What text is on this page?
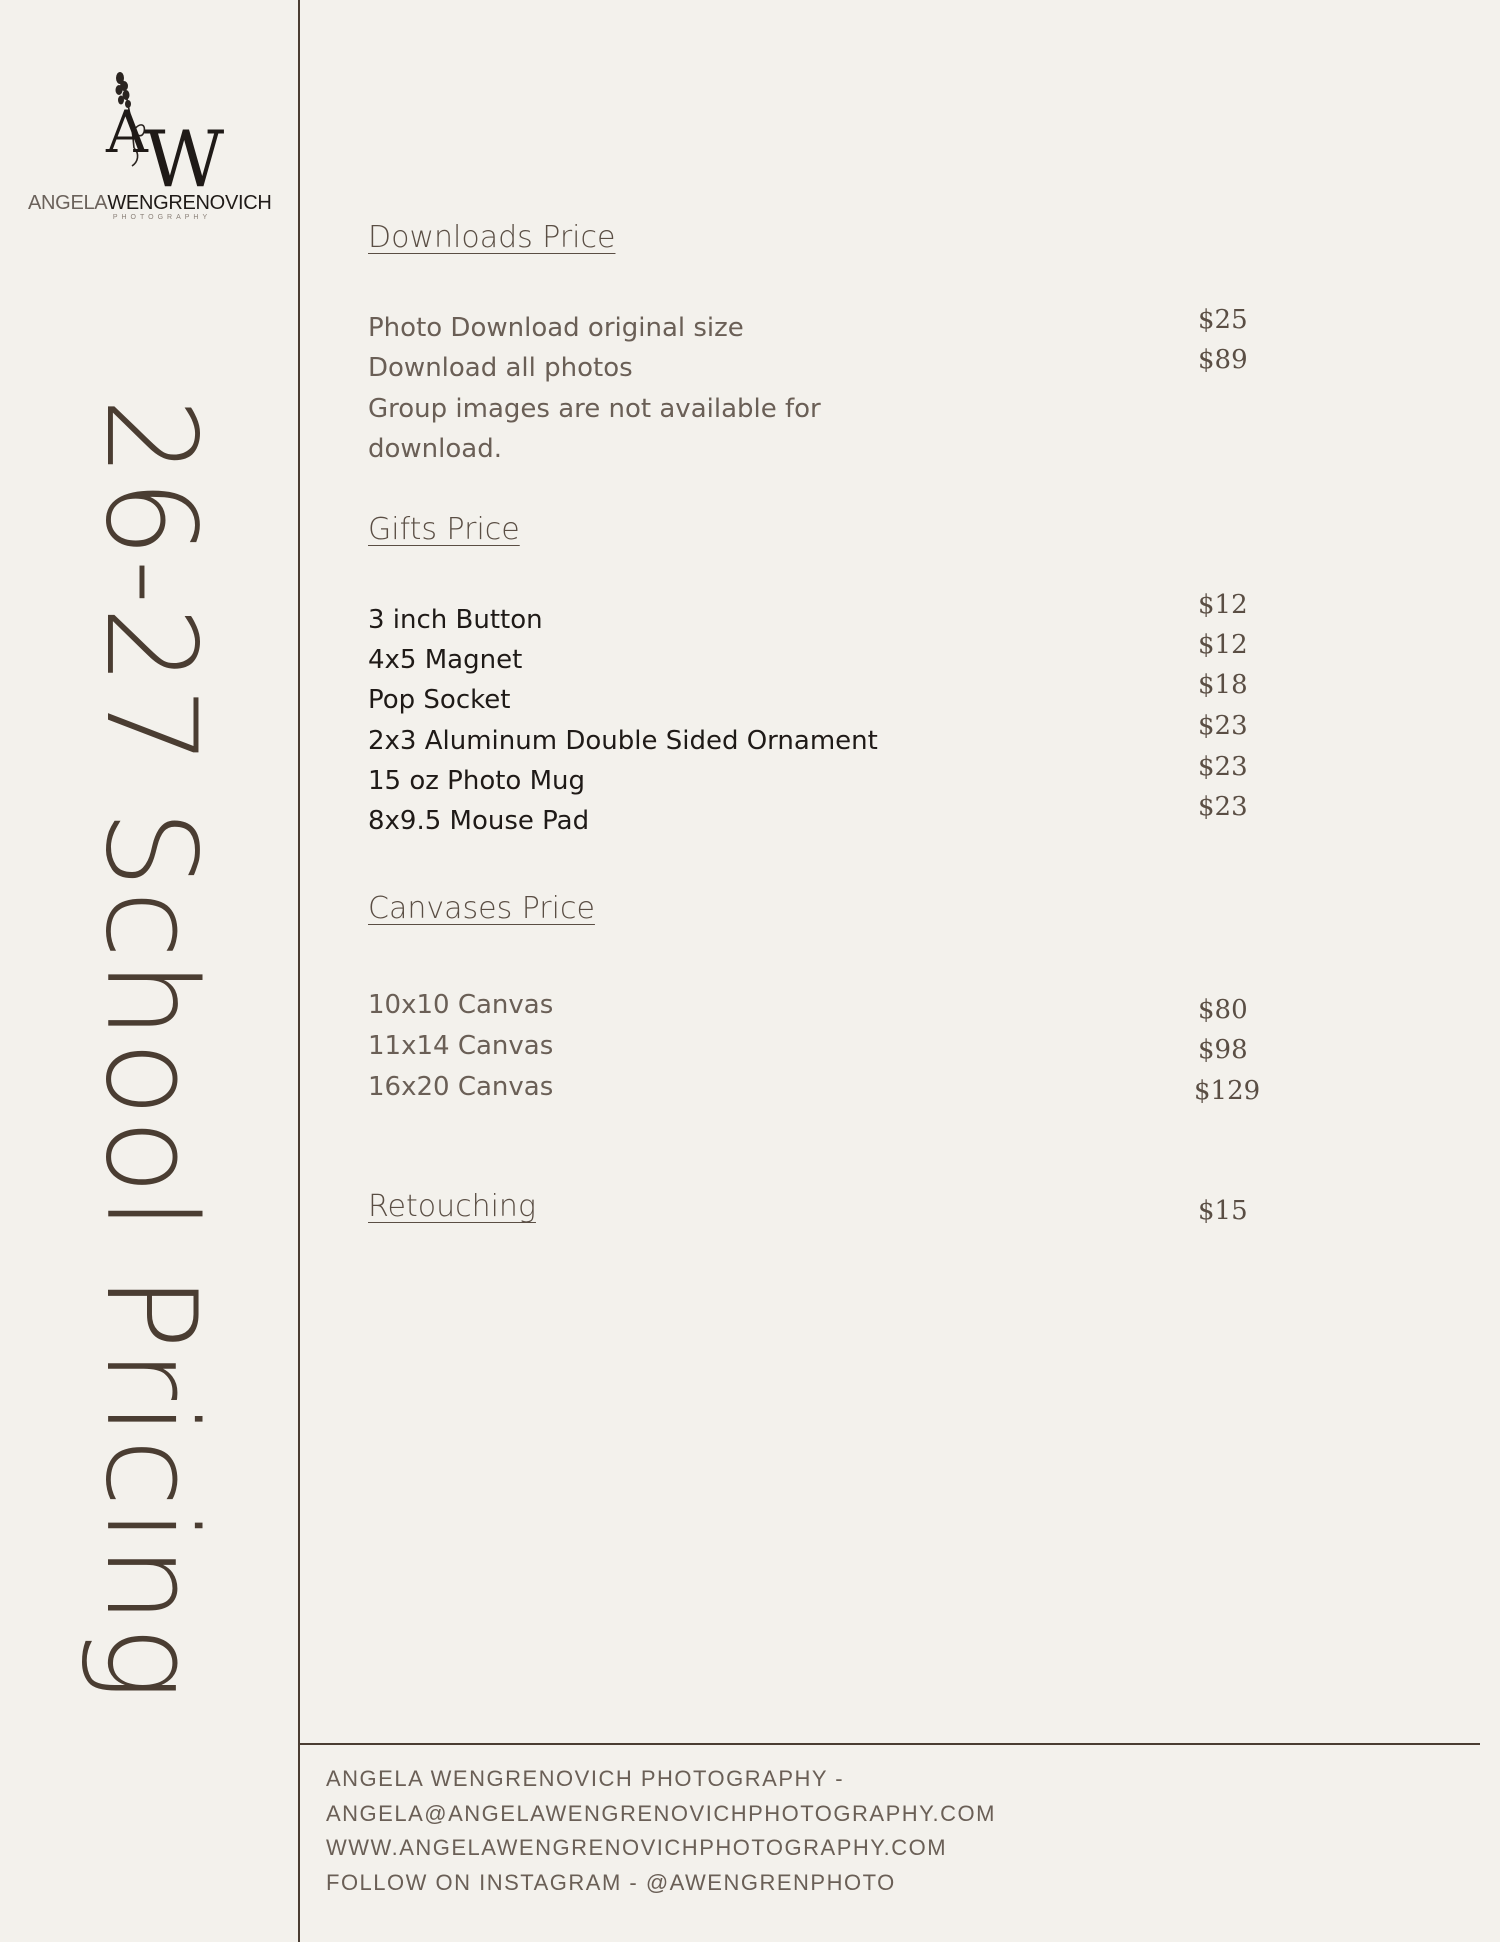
A
W
ANGELAWENGRENOVICH
PHOTOGRAPHY
26-27 School Pricing
Downloads Price
Photo Download original size	$25
Download all photos	$89
Group images are not available for
download.
Gifts Price
3 inch Button	$12
4x5 Magnet	$12
Pop Socket	$18
2x3 Aluminum Double Sided Ornament	$23
15 oz Photo Mug	$23
8x9.5 Mouse Pad	$23
Canvases Price
10x10 Canvas	$80
11x14 Canvas	$98
16x20 Canvas	$129
Retouching	$15
ANGELA WENGRENOVICH PHOTOGRAPHY -
ANGELA@ANGELAWENGRENOVICHPHOTOGRAPHY.COM
WWW.ANGELAWENGRENOVICHPHOTOGRAPHY.COM
FOLLOW ON INSTAGRAM - @AWENGRENPHOTO
